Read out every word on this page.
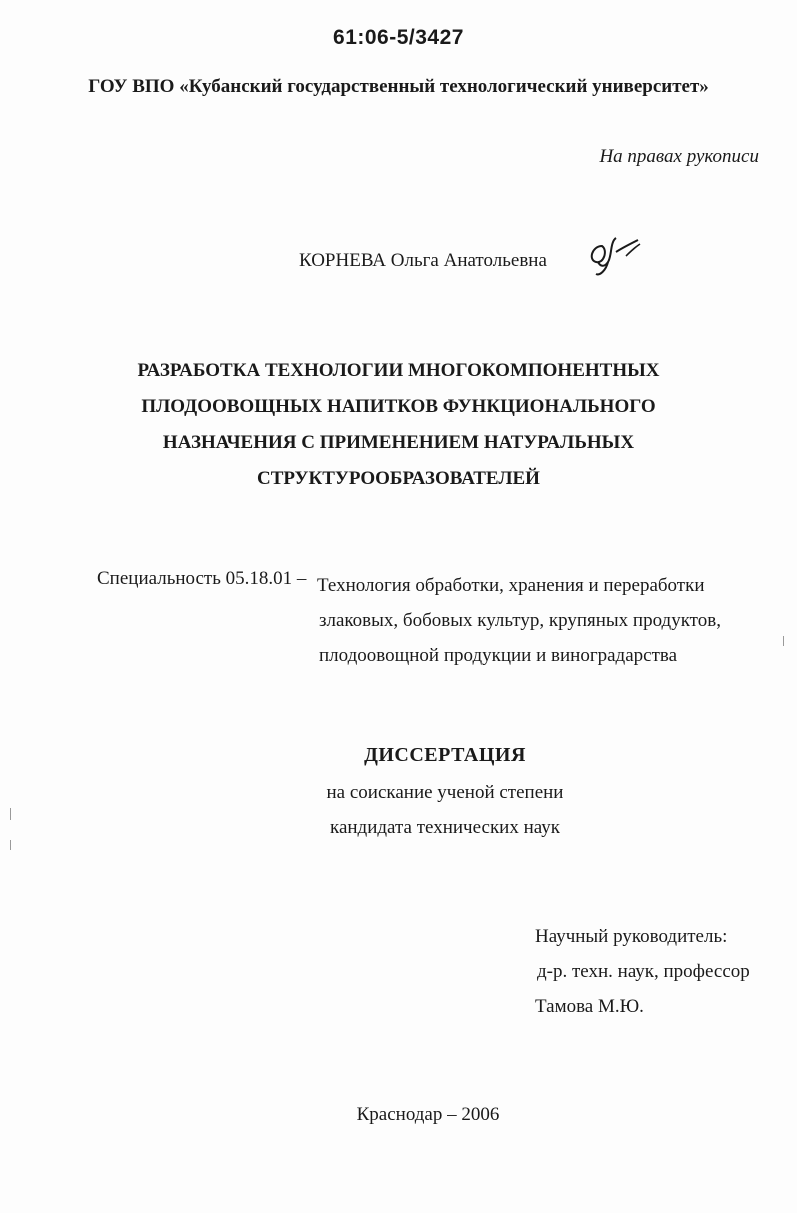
61:06-5/3427
ГОУ ВПО «Кубанский государственный технологический университет»
На правах рукописи
КОРНЕВА Ольга Анатольевна
РАЗРАБОТКА ТЕХНОЛОГИИ МНОГОКОМПОНЕНТНЫХ
ПЛОДООВОЩНЫХ НАПИТКОВ ФУНКЦИОНАЛЬНОГО
НАЗНАЧЕНИЯ С ПРИМЕНЕНИЕМ НАТУРАЛЬНЫХ
СТРУКТУРООБРАЗОВАТЕЛЕЙ
Специальность 05.18.01 – Технология обработки, хранения и переработки
злаковых, бобовых культур, крупяных продуктов,
плодоовощной продукции и виноградарства
ДИССЕРТАЦИЯ
на соискание ученой степени
кандидата технических наук
Научный руководитель:
д-р. техн. наук, профессор
Тамова М.Ю.
Краснодар – 2006
